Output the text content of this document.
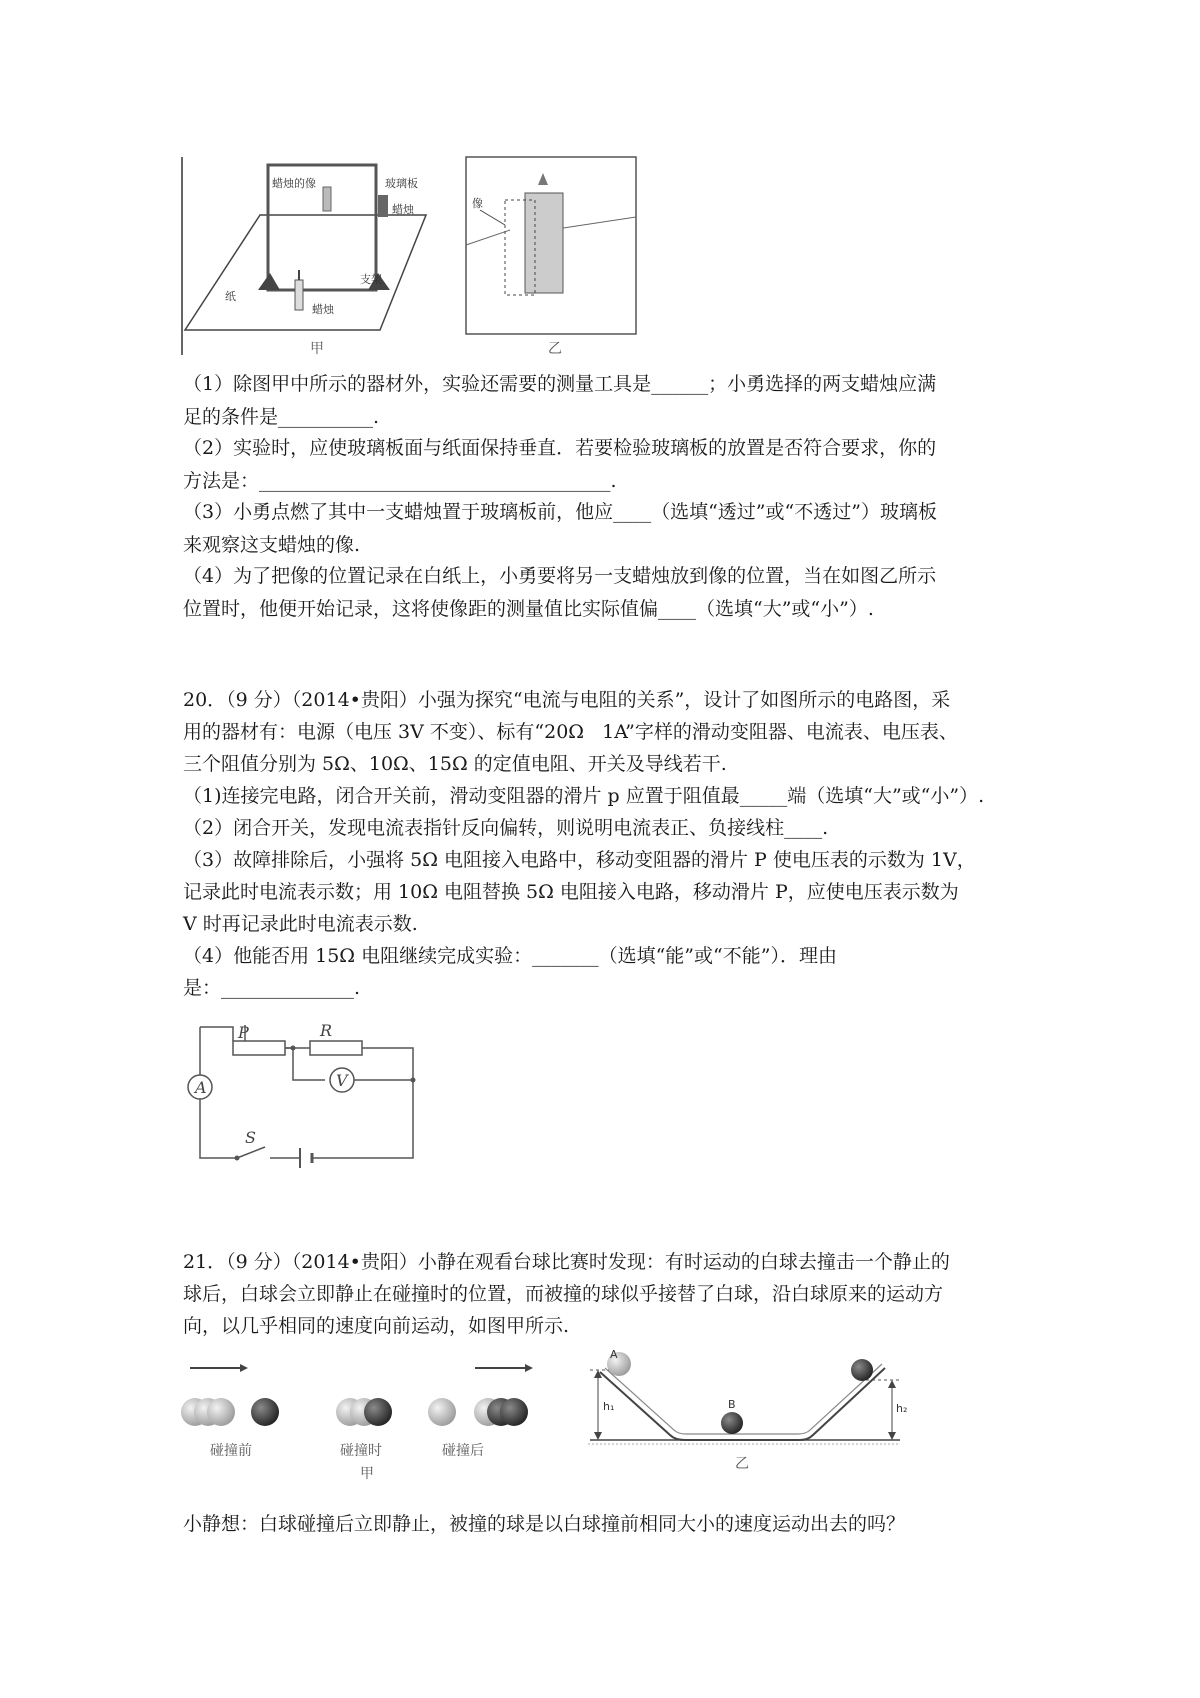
蜡烛的像	玻璃板
蜡烛
支架
蜡烛
纸
甲
像
乙
（1）除图甲中所示的器材外，实验还需要的测量工具是______；小勇选择的两支蜡烛应满
足的条件是__________.
（2）实验时，应使玻璃板面与纸面保持垂直．若要检验玻璃板的放置是否符合要求，你的
方法是：_____________________________________.
（3）小勇点燃了其中一支蜡烛置于玻璃板前，他应____（选填“透过”或“不透过”）玻璃板
来观察这支蜡烛的像.
（4）为了把像的位置记录在白纸上，小勇要将另一支蜡烛放到像的位置，当在如图乙所示
位置时，他便开始记录，这将使像距的测量值比实际值偏____（选填“大”或“小”）.
20．（9 分）（2014•贵阳）小强为探究“电流与电阻的关系”，设计了如图所示的电路图，采
用的器材有：电源（电压 3V 不变）、标有“20Ω   1A”字样的滑动变阻器、电流表、电压表、
三个阻值分别为 5Ω、10Ω、15Ω 的定值电阻、开关及导线若干.
（1)连接完电路，闭合开关前，滑动变阻器的滑片 p 应置于阻值最_____端（选填“大”或“小”）.
（2）闭合开关，发现电流表指针反向偏转，则说明电流表正、负接线柱____.
（3）故障排除后，小强将 5Ω 电阻接入电路中，移动变阻器的滑片 P 使电压表的示数为 1V，
记录此时电流表示数；用 10Ω 电阻替换 5Ω 电阻接入电路，移动滑片 P，应使电压表示数为
V 时再记录此时电流表示数.
（4）他能否用 15Ω 电阻继续完成实验：_______（选填“能”或“不能”）．理由
是：______________.
P	R
A	V
S
21．（9 分）（2014•贵阳）小静在观看台球比赛时发现：有时运动的白球去撞击一个静止的
球后，白球会立即静止在碰撞时的位置，而被撞的球似乎接替了白球，沿白球原来的运动方
向，以几乎相同的速度向前运动，如图甲所示.
碰撞前	碰撞时
甲
碰撞后
A
B
h₁	h₂
乙
小静想：白球碰撞后立即静止，被撞的球是以白球撞前相同大小的速度运动出去的吗？
